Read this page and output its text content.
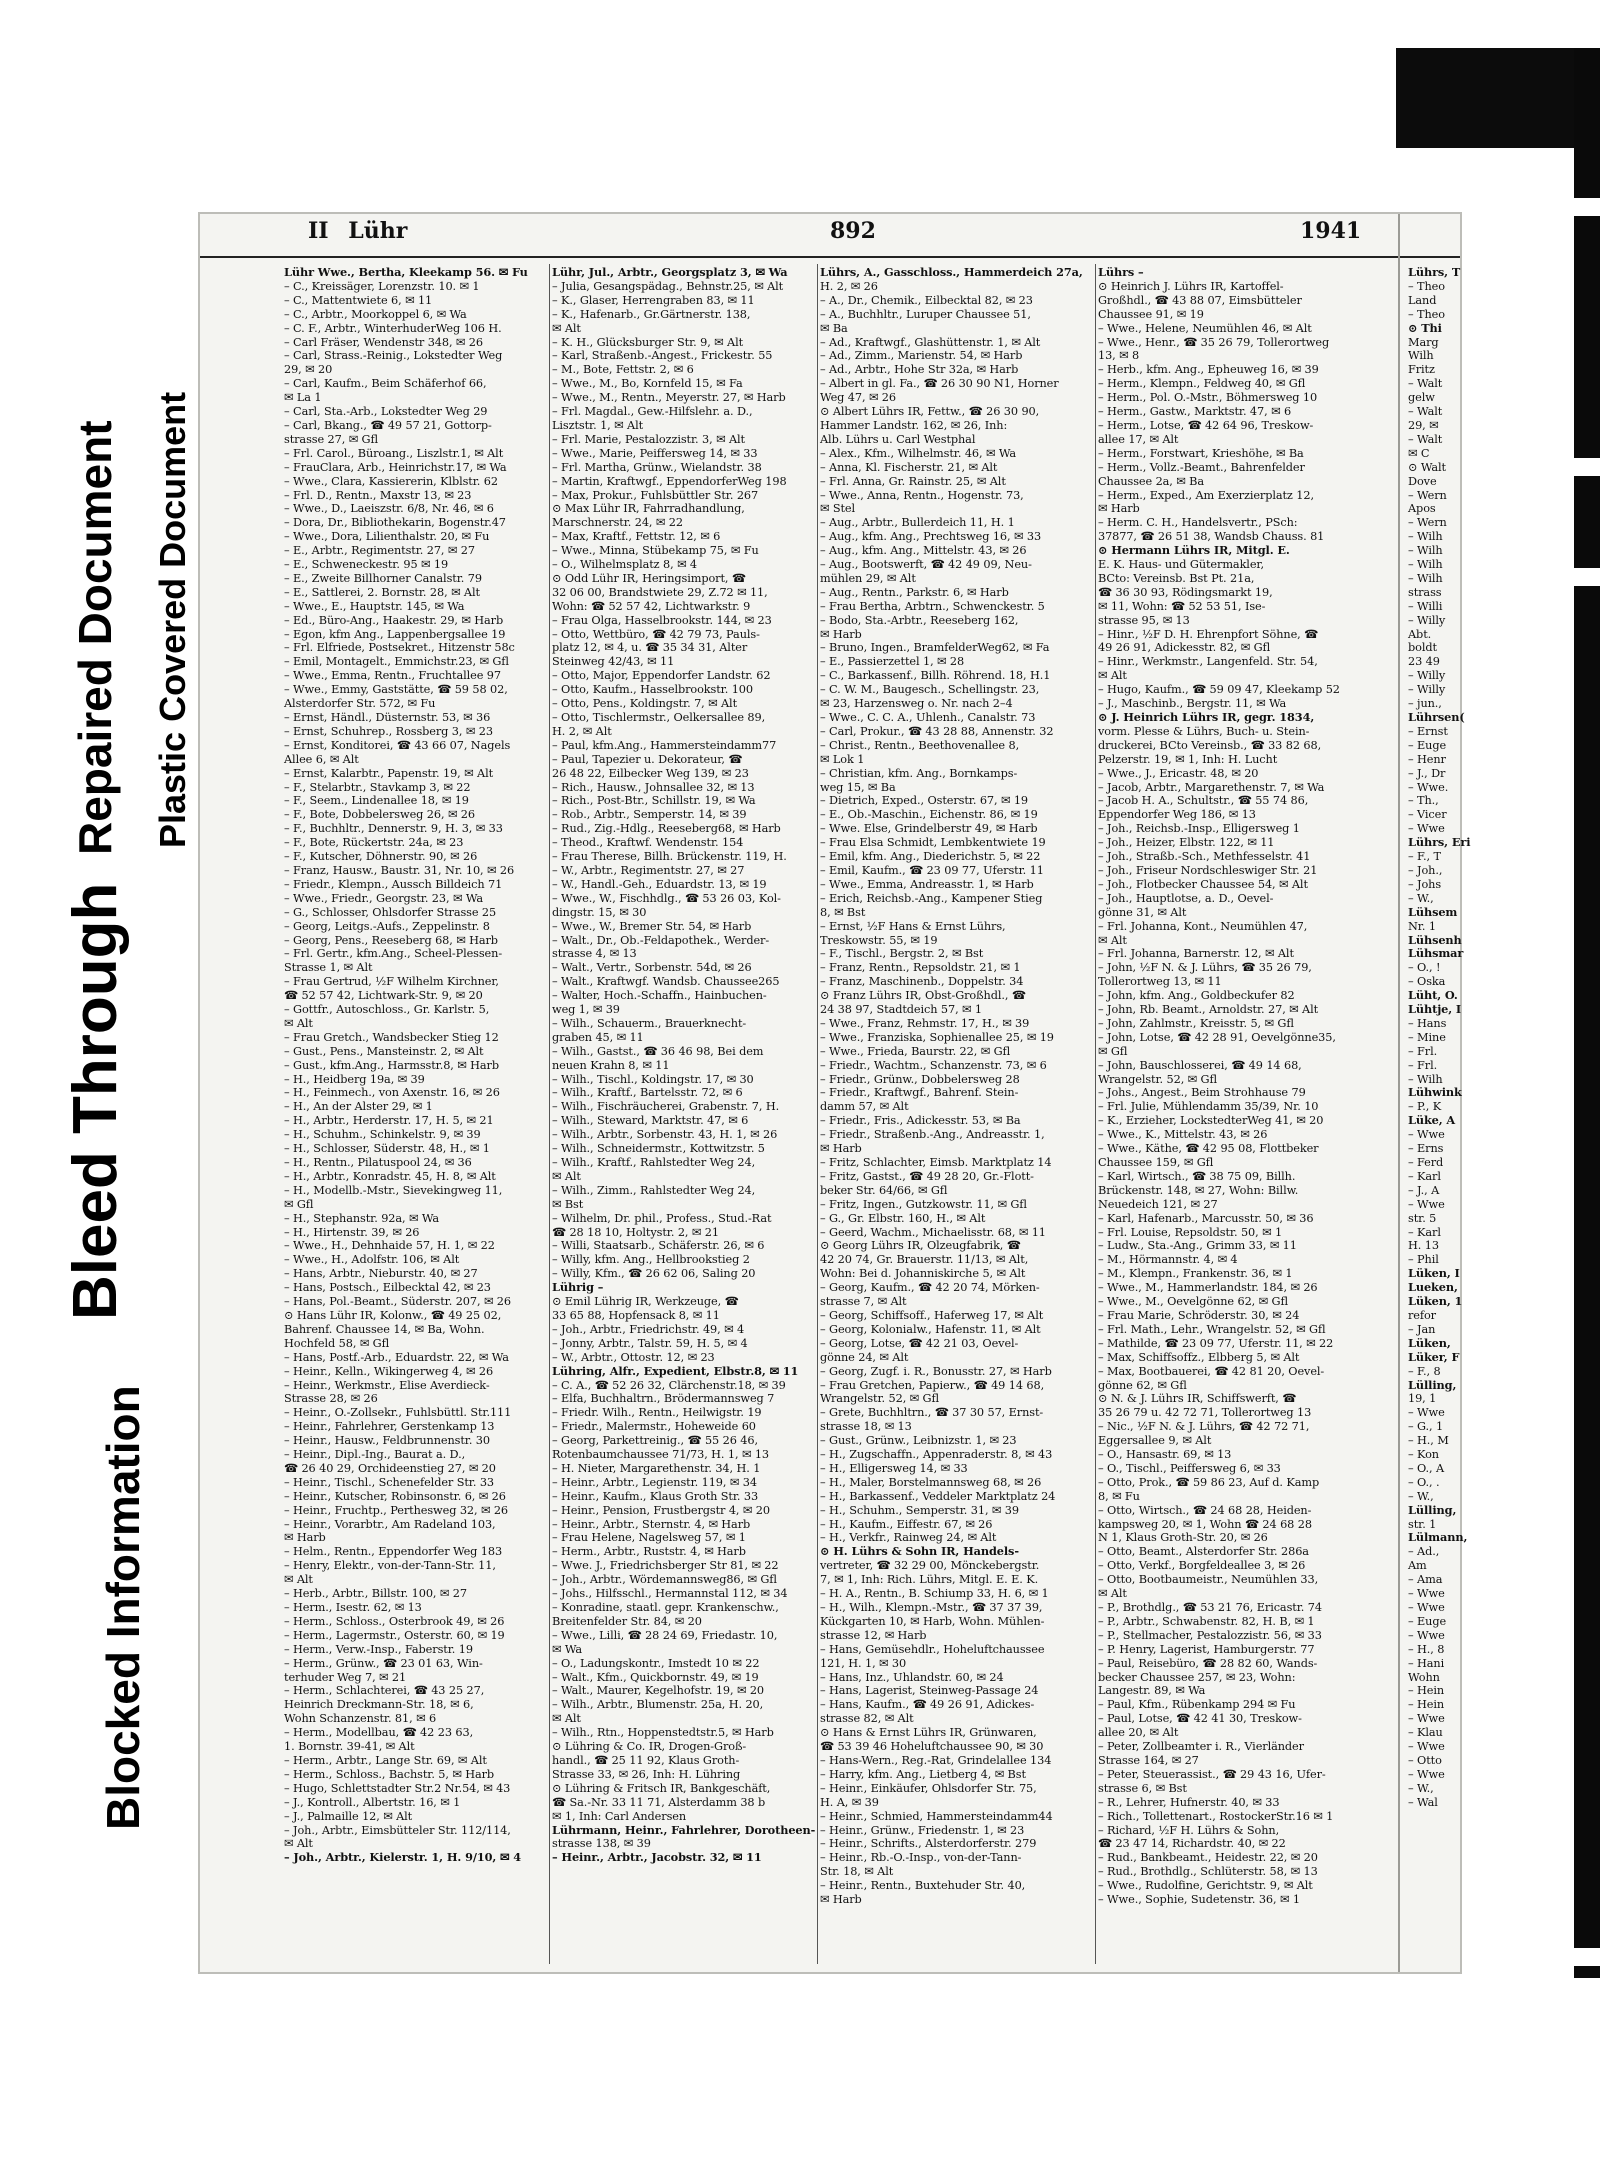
Bleed Through
Repaired Document
Blocked Information
Plastic Covered Document
II Lühr	892	1941
Lühr Wwe., Bertha, Kleekamp 56. ✉ Fu
– C., Kreissäger, Lorenzstr. 10. ✉ 1
– C., Mattentwiete 6, ✉ 11
– C., Arbtr., Moorkoppel 6, ✉ Wa
– C. F., Arbtr., WinterhuderWeg 106 H.
– Carl Fräser, Wendenstr 348, ✉ 26
– Carl, Strass.-Reinig., Lokstedter Weg
29, ✉ 20
– Carl, Kaufm., Beim Schäferhof 66,
✉ La 1
– Carl, Sta.-Arb., Lokstedter Weg 29
– Carl, Bkang., ☎ 49 57 21, Gottorp-
strasse 27, ✉ Gfl
– Frl. Carol., Büroang., Liszlstr.1, ✉ Alt
– FrauClara, Arb., Heinrichstr.17, ✉ Wa
– Wwe., Clara, Kassiererin, Klblstr. 62
– Frl. D., Rentn., Maxstr 13, ✉ 23
– Wwe., D., Laeiszstr. 6/8, Nr. 46, ✉ 6
– Dora, Dr., Bibliothekarin, Bogenstr.47
– Wwe., Dora, Lilienthalstr. 20, ✉ Fu
– E., Arbtr., Regimentstr. 27, ✉ 27
– E., Schweneckestr. 95 ✉ 19
– E., Zweite Billhorner Canalstr. 79
– E., Sattlerei, 2. Bornstr. 28, ✉ Alt
– Wwe., E., Hauptstr. 145, ✉ Wa
– Ed., Büro-Ang., Haakestr. 29, ✉ Harb
– Egon, kfm Ang., Lappenbergsallee 19
– Frl. Elfriede, Postsekret., Hitzenstr 58c
– Emil, Montagelt., Emmichstr.23, ✉ Gfl
– Wwe., Emma, Rentn., Fruchtallee 97
– Wwe., Emmy, Gaststätte, ☎ 59 58 02,
Alsterdorfer Str. 572, ✉ Fu
– Ernst, Händl., Düsternstr. 53, ✉ 36
– Ernst, Schuhrep., Rossberg 3, ✉ 23
– Ernst, Konditorei, ☎ 43 66 07, Nagels
Allee 6, ✉ Alt
– Ernst, Kalarbtr., Papenstr. 19, ✉ Alt
– F., Stelarbtr., Stavkamp 3, ✉ 22
– F., Seem., Lindenallee 18, ✉ 19
– F., Bote, Dobbelersweg 26, ✉ 26
– F., Buchhltr., Dennerstr. 9, H. 3, ✉ 33
– F., Bote, Rückertstr. 24a, ✉ 23
– F., Kutscher, Döhnerstr. 90, ✉ 26
– Franz, Hausw., Baustr. 31, Nr. 10, ✉ 26
– Friedr., Klempn., Aussch Billdeich 71
– Wwe., Friedr., Georgstr. 23, ✉ Wa
– G., Schlosser, Ohlsdorfer Strasse 25
– Georg, Leitgs.-Aufs., Zeppelinstr. 8
– Georg, Pens., Reeseberg 68, ✉ Harb
– Frl. Gertr., kfm.Ang., Scheel-Plessen-
Strasse 1, ✉ Alt
– Frau Gertrud, ½F Wilhelm Kirchner,
☎ 52 57 42, Lichtwark-Str. 9, ✉ 20
– Gottfr., Autoschloss., Gr. Karlstr. 5,
✉ Alt
– Frau Gretch., Wandsbecker Stieg 12
– Gust., Pens., Mansteinstr. 2, ✉ Alt
– Gust., kfm.Ang., Harmsstr.8, ✉ Harb
– H., Heidberg 19a, ✉ 39
– H., Feinmech., von Axenstr. 16, ✉ 26
– H., An der Alster 29, ✉ 1
– H., Arbtr., Herderstr. 17, H. 5, ✉ 21
– H., Schuhm., Schinkelstr. 9, ✉ 39
– H., Schlosser, Süderstr. 48, H., ✉ 1
– H., Rentn., Pilatuspool 24, ✉ 36
– H., Arbtr., Konradstr. 45, H. 8, ✉ Alt
– H., Modellb.-Mstr., Sievekingweg 11,
✉ Gfl
– H., Stephanstr. 92a, ✉ Wa
– H., Hirtenstr. 39, ✉ 26
– Wwe., H., Dehnhaide 57, H. 1, ✉ 22
– Wwe., H., Adolfstr. 106, ✉ Alt
– Hans, Arbtr., Nieburstr. 40, ✉ 27
– Hans, Postsch., Eilbecktal 42, ✉ 23
– Hans, Pol.-Beamt., Süderstr. 207, ✉ 26
⊙ Hans Lühr IR, Kolonw., ☎ 49 25 02,
Bahrenf. Chaussee 14, ✉ Ba, Wohn.
Hochfeld 58, ✉ Gfl
– Hans, Postf.-Arb., Eduardstr. 22, ✉ Wa
– Heinr., Kelln., Wikingerweg 4, ✉ 26
– Heinr., Werkmstr., Elise Averdieck-
Strasse 28, ✉ 26
– Heinr., O.-Zollsekr., Fuhlsbüttl. Str.111
– Heinr., Fahrlehrer, Gerstenkamp 13
– Heinr., Hausw., Feldbrunnenstr. 30
– Heinr., Dipl.-Ing., Baurat a. D.,
☎ 26 40 29, Orchideenstieg 27, ✉ 20
– Heinr., Tischl., Schenefelder Str. 33
– Heinr., Kutscher, Robinsonstr. 6, ✉ 26
– Heinr., Fruchtp., Perthesweg 32, ✉ 26
– Heinr., Vorarbtr., Am Radeland 103,
✉ Harb
– Helm., Rentn., Eppendorfer Weg 183
– Henry, Elektr., von-der-Tann-Str. 11,
✉ Alt
– Herb., Arbtr., Billstr. 100, ✉ 27
– Herm., Isestr. 62, ✉ 13
– Herm., Schloss., Osterbrook 49, ✉ 26
– Herm., Lagermstr., Osterstr. 60, ✉ 19
– Herm., Verw.-Insp., Faberstr. 19
– Herm., Grünw., ☎ 23 01 63, Win-
terhuder Weg 7, ✉ 21
– Herm., Schlachterei, ☎ 43 25 27,
Heinrich Dreckmann-Str. 18, ✉ 6,
Wohn Schanzenstr. 81, ✉ 6
– Herm., Modellbau, ☎ 42 23 63,
1. Bornstr. 39-41, ✉ Alt
– Herm., Arbtr., Lange Str. 69, ✉ Alt
– Herm., Schloss., Bachstr. 5, ✉ Harb
– Hugo, Schlettstadter Str.2 Nr.54, ✉ 43
– J., Kontroll., Albertstr. 16, ✉ 1
– J., Palmaille 12, ✉ Alt
– Joh., Arbtr., Eimsbütteler Str. 112/114,
✉ Alt
– Joh., Arbtr., Kielerstr. 1, H. 9/10, ✉ 4
Lühr, Jul., Arbtr., Georgsplatz 3, ✉ Wa
– Julia, Gesangspädag., Behnstr.25, ✉ Alt
– K., Glaser, Herrengraben 83, ✉ 11
– K., Hafenarb., Gr.Gärtnerstr. 138,
✉ Alt
– K. H., Glücksburger Str. 9, ✉ Alt
– Karl, Straßenb.-Angest., Frickestr. 55
– M., Bote, Fettstr. 2, ✉ 6
– Wwe., M., Bo, Kornfeld 15, ✉ Fa
– Wwe., M., Rentn., Meyerstr. 27, ✉ Harb
– Frl. Magdal., Gew.-Hilfslehr. a. D.,
Lisztstr. 1, ✉ Alt
– Frl. Marie, Pestalozzistr. 3, ✉ Alt
– Wwe., Marie, Peiffersweg 14, ✉ 33
– Frl. Martha, Grünw., Wielandstr. 38
– Martin, Kraftwgf., EppendorferWeg 198
– Max, Prokur., Fuhlsbüttler Str. 267
⊙ Max Lühr IR, Fahrradhandlung,
Marschnerstr. 24, ✉ 22
– Max, Kraftf., Fettstr. 12, ✉ 6
– Wwe., Minna, Stübekamp 75, ✉ Fu
– O., Wilhelmsplatz 8, ✉ 4
⊙ Odd Lühr IR, Heringsimport, ☎
32 06 00, Brandstwiete 29, Z.72 ✉ 11,
Wohn: ☎ 52 57 42, Lichtwarkstr. 9
– Frau Olga, Hasselbrookstr. 144, ✉ 23
– Otto, Wettbüro, ☎ 42 79 73, Pauls-
platz 12, ✉ 4, u. ☎ 35 34 31, Alter
Steinweg 42/43, ✉ 11
– Otto, Major, Eppendorfer Landstr. 62
– Otto, Kaufm., Hasselbrookstr. 100
– Otto, Pens., Koldingstr. 7, ✉ Alt
– Otto, Tischlermstr., Oelkersallee 89,
H. 2, ✉ Alt
– Paul, kfm.Ang., Hammersteindamm77
– Paul, Tapezier u. Dekorateur, ☎
26 48 22, Eilbecker Weg 139, ✉ 23
– Rich., Hausw., Johnsallee 32, ✉ 13
– Rich., Post-Btr., Schillstr. 19, ✉ Wa
– Rob., Arbtr., Semperstr. 14, ✉ 39
– Rud., Zig.-Hdlg., Reeseberg68, ✉ Harb
– Theod., Kraftwf. Wendenstr. 154
– Frau Therese, Billh. Brückenstr. 119, H.
– W., Arbtr., Regimentstr. 27, ✉ 27
– W., Handl.-Geh., Eduardstr. 13, ✉ 19
– Wwe., W., Fischhdlg., ☎ 53 26 03, Kol-
dingstr. 15, ✉ 30
– Wwe., W., Bremer Str. 54, ✉ Harb
– Walt., Dr., Ob.-Feldapothek., Werder-
strasse 4, ✉ 13
– Walt., Vertr., Sorbenstr. 54d, ✉ 26
– Walt., Kraftwgf. Wandsb. Chaussee265
– Walter, Hoch.-Schaffn., Hainbuchen-
weg 1, ✉ 39
– Wilh., Schauerm., Brauerknecht-
graben 45, ✉ 11
– Wilh., Gastst., ☎ 36 46 98, Bei dem
neuen Krahn 8, ✉ 11
– Wilh., Tischl., Koldingstr. 17, ✉ 30
– Wilh., Kraftf., Bartelsstr. 72, ✉ 6
– Wilh., Fischräucherei, Grabenstr. 7, H.
– Wilh., Steward, Marktstr. 47, ✉ 6
– Wilh., Arbtr., Sorbenstr. 43, H. 1, ✉ 26
– Wilh., Schneidermstr., Kottwitzstr. 5
– Wilh., Kraftf., Rahlstedter Weg 24,
✉ Alt
– Wilh., Zimm., Rahlstedter Weg 24,
✉ Bst
– Wilhelm, Dr. phil., Profess., Stud.-Rat
☎ 28 18 10, Holtystr. 2, ✉ 21
– Willi, Staatsarb., Schäferstr. 26, ✉ 6
– Willy, kfm. Ang., Hellbrookstieg 2
– Willy, Kfm., ☎ 26 62 06, Saling 20
Lührig –
⊙ Emil Lührig IR, Werkzeuge, ☎
33 65 88, Hopfensack 8, ✉ 11
– Joh., Arbtr., Friedrichstr. 49, ✉ 4
– Jonny, Arbtr., Talstr. 59, H. 5, ✉ 4
– W., Arbtr., Ottostr. 12, ✉ 23
Lühring, Alfr., Expedient, Elbstr.8, ✉ 11
– C. A., ☎ 52 26 32, Clärchenstr.18, ✉ 39
– Elfa, Buchhaltrn., Brödermannsweg 7
– Friedr. Wilh., Rentn., Heilwigstr. 19
– Friedr., Malermstr., Hoheweide 60
– Georg, Parkettreinig., ☎ 55 26 46,
Rotenbaumchaussee 71/73, H. 1, ✉ 13
– H. Nieter, Margarethenstr. 34, H. 1
– Heinr., Arbtr., Legienstr. 119, ✉ 34
– Heinr., Kaufm., Klaus Groth Str. 33
– Heinr., Pension, Frustbergstr 4, ✉ 20
– Heinr., Arbtr., Sternstr. 4, ✉ Harb
– Frau Helene, Nagelsweg 57, ✉ 1
– Herm., Arbtr., Ruststr. 4, ✉ Harb
– Wwe. J., Friedrichsberger Str 81, ✉ 22
– Joh., Arbtr., Wördemannsweg86, ✉ Gfl
– Johs., Hilfsschl., Hermannstal 112, ✉ 34
– Konradine, staatl. gepr. Krankenschw.,
Breitenfelder Str. 84, ✉ 20
– Wwe., Lilli, ☎ 28 24 69, Friedastr. 10,
✉ Wa
– O., Ladungskontr., Imstedt 10 ✉ 22
– Walt., Kfm., Quickbornstr. 49, ✉ 19
– Walt., Maurer, Kegelhofstr. 19, ✉ 20
– Wilh., Arbtr., Blumenstr. 25a, H. 20,
✉ Alt
– Wilh., Rtn., Hoppenstedtstr.5, ✉ Harb
⊙ Lühring & Co. IR, Drogen-Groß-
handl., ☎ 25 11 92, Klaus Groth-
Strasse 33, ✉ 26, Inh: H. Lühring
⊙ Lühring & Fritsch IR, Bankgeschäft,
☎ Sa.-Nr. 33 11 71, Alsterdamm 38 b
✉ 1, Inh: Carl Andersen
Lührmann, Heinr., Fahrlehrer, Dorotheen-
strasse 138, ✉ 39
– Heinr., Arbtr., Jacobstr. 32, ✉ 11
Lührs, A., Gasschloss., Hammerdeich 27a,
H. 2, ✉ 26
– A., Dr., Chemik., Eilbecktal 82, ✉ 23
– A., Buchhltr., Luruper Chaussee 51,
✉ Ba
– Ad., Kraftwgf., Glashüttenstr. 1, ✉ Alt
– Ad., Zimm., Marienstr. 54, ✉ Harb
– Ad., Arbtr., Hohe Str 32a, ✉ Harb
– Albert in gl. Fa., ☎ 26 30 90 N1, Horner
Weg 47, ✉ 26
⊙ Albert Lührs IR, Fettw., ☎ 26 30 90,
Hammer Landstr. 162, ✉ 26, Inh:
Alb. Lührs u. Carl Westphal
– Alex., Kfm., Wilhelmstr. 46, ✉ Wa
– Anna, Kl. Fischerstr. 21, ✉ Alt
– Frl. Anna, Gr. Rainstr. 25, ✉ Alt
– Wwe., Anna, Rentn., Hogenstr. 73,
✉ Stel
– Aug., Arbtr., Bullerdeich 11, H. 1
– Aug., kfm. Ang., Prechtsweg 16, ✉ 33
– Aug., kfm. Ang., Mittelstr. 43, ✉ 26
– Aug., Bootswerft, ☎ 42 49 09, Neu-
mühlen 29, ✉ Alt
– Aug., Rentn., Parkstr. 6, ✉ Harb
– Frau Bertha, Arbtrn., Schwenckestr. 5
– Bodo, Sta.-Arbtr., Reeseberg 162,
✉ Harb
– Bruno, Ingen., BramfelderWeg62, ✉ Fa
– E., Passierzettel 1, ✉ 28
– C., Barkassenf., Billh. Röhrend. 18, H.1
– C. W. M., Baugesch., Schellingstr. 23,
✉ 23, Harzensweg o. Nr. nach 2–4
– Wwe., C. C. A., Uhlenh., Canalstr. 73
– Carl, Prokur., ☎ 43 28 88, Annenstr. 32
– Christ., Rentn., Beethovenallee 8,
✉ Lok 1
– Christian, kfm. Ang., Bornkamps-
weg 15, ✉ Ba
– Dietrich, Exped., Osterstr. 67, ✉ 19
– E., Ob.-Maschin., Eichenstr. 86, ✉ 19
– Wwe. Else, Grindelberstr 49, ✉ Harb
– Frau Elsa Schmidt, Lembkentwiete 19
– Emil, kfm. Ang., Diederichstr. 5, ✉ 22
– Emil, Kaufm., ☎ 23 09 77, Uferstr. 11
– Wwe., Emma, Andreasstr. 1, ✉ Harb
– Erich, Reichsb.-Ang., Kampener Stieg
8, ✉ Bst
– Ernst, ½F Hans & Ernst Lührs,
Treskowstr. 55, ✉ 19
– F., Tischl., Bergstr. 2, ✉ Bst
– Franz, Rentn., Repsoldstr. 21, ✉ 1
– Franz, Maschinenb., Doppelstr. 34
⊙ Franz Lührs IR, Obst-Großhdl., ☎
24 38 97, Stadtdeich 57, ✉ 1
– Wwe., Franz, Rehmstr. 17, H., ✉ 39
– Wwe., Franziska, Sophienallee 25, ✉ 19
– Wwe., Frieda, Baurstr. 22, ✉ Gfl
– Friedr., Wachtm., Schanzenstr. 73, ✉ 6
– Friedr., Grünw., Dobbelersweg 28
– Friedr., Kraftwgf., Bahrenf. Stein-
damm 57, ✉ Alt
– Friedr., Fris., Adickesstr. 53, ✉ Ba
– Friedr., Straßenb.-Ang., Andreasstr. 1,
✉ Harb
– Fritz, Schlachter, Eimsb. Marktplatz 14
– Fritz, Gastst., ☎ 49 28 20, Gr.-Flott-
beker Str. 64/66, ✉ Gfl
– Fritz, Ingen., Gutzkowstr. 11, ✉ Gfl
– G., Gr. Elbstr. 160, H., ✉ Alt
– Geerd, Wachm., Michaelisstr. 68, ✉ 11
⊙ Georg Lührs IR, Olzeugfabrik, ☎
42 20 74, Gr. Brauerstr. 11/13, ✉ Alt,
Wohn: Bei d. Johanniskirche 5, ✉ Alt
– Georg, Kaufm., ☎ 42 20 74, Mörken-
strasse 7, ✉ Alt
– Georg, Schiffsoff., Haferweg 17, ✉ Alt
– Georg, Kolonialw., Hafenstr. 11, ✉ Alt
– Georg, Lotse, ☎ 42 21 03, Oevel-
gönne 24, ✉ Alt
– Georg, Zugf. i. R., Bonusstr. 27, ✉ Harb
– Frau Gretchen, Papierw., ☎ 49 14 68,
Wrangelstr. 52, ✉ Gfl
– Grete, Buchhltrn., ☎ 37 30 57, Ernst-
strasse 18, ✉ 13
– Gust., Grünw., Leibnizstr. 1, ✉ 23
– H., Zugschaffn., Appenraderstr. 8, ✉ 43
– H., Elligersweg 14, ✉ 33
– H., Maler, Borstelmannsweg 68, ✉ 26
– H., Barkassenf., Veddeler Marktplatz 24
– H., Schuhm., Semperstr. 31, ✉ 39
– H., Kaufm., Eiffestr. 67, ✉ 26
– H., Verkfr., Rainweg 24, ✉ Alt
⊙ H. Lührs & Sohn IR, Handels-
vertreter, ☎ 32 29 00, Mönckebergstr.
7, ✉ 1, Inh: Rich. Lührs, Mitgl. E. E. K.
– H. A., Rentn., B. Schiump 33, H. 6, ✉ 1
– H., Wilh., Klempn.-Mstr., ☎ 37 37 39,
Kückgarten 10, ✉ Harb, Wohn. Mühlen-
strasse 12, ✉ Harb
– Hans, Gemüsehdlr., Hoheluftchaussee
121, H. 1, ✉ 30
– Hans, Inz., Uhlandstr. 60, ✉ 24
– Hans, Lagerist, Steinweg-Passage 24
– Hans, Kaufm., ☎ 49 26 91, Adickes-
strasse 82, ✉ Alt
⊙ Hans & Ernst Lührs IR, Grünwaren,
☎ 53 39 46 Hoheluftchaussee 90, ✉ 30
– Hans-Wern., Reg.-Rat, Grindelallee 134
– Harry, kfm. Ang., Lietberg 4, ✉ Bst
– Heinr., Einkäufer, Ohlsdorfer Str. 75,
H. A, ✉ 39
– Heinr., Schmied, Hammersteindamm44
– Heinr., Grünw., Friedenstr. 1, ✉ 23
– Heinr., Schrifts., Alsterdorferstr. 279
– Heinr., Rb.-O.-Insp., von-der-Tann-
Str. 18, ✉ Alt
– Heinr., Rentn., Buxtehuder Str. 40,
✉ Harb
Lührs –
⊙ Heinrich J. Lührs IR, Kartoffel-
Großhdl., ☎ 43 88 07, Eimsbütteler
Chaussee 91, ✉ 19
– Wwe., Helene, Neumühlen 46, ✉ Alt
– Wwe., Henr., ☎ 35 26 79, Tollerortweg
13, ✉ 8
– Herb., kfm. Ang., Epheuweg 16, ✉ 39
– Herm., Klempn., Feldweg 40, ✉ Gfl
– Herm., Pol. O.-Mstr., Böhmersweg 10
– Herm., Gastw., Marktstr. 47, ✉ 6
– Herm., Lotse, ☎ 42 64 96, Treskow-
allee 17, ✉ Alt
– Herm., Forstwart, Krieshöhe, ✉ Ba
– Herm., Vollz.-Beamt., Bahrenfelder
Chaussee 2a, ✉ Ba
– Herm., Exped., Am Exerzierplatz 12,
✉ Harb
– Herm. C. H., Handelsvertr., PSch:
37877, ☎ 26 51 38, Wandsb Chauss. 81
⊙ Hermann Lührs IR, Mitgl. E.
E. K. Haus- und Gütermakler,
BCto: Vereinsb. Bst Pt. 21a,
☎ 36 30 93, Rödingsmarkt 19,
✉ 11, Wohn: ☎ 52 53 51, Ise-
strasse 95, ✉ 13
– Hinr., ½F D. H. Ehrenpfort Söhne, ☎
49 26 91, Adickesstr. 82, ✉ Gfl
– Hinr., Werkmstr., Langenfeld. Str. 54,
✉ Alt
– Hugo, Kaufm., ☎ 59 09 47, Kleekamp 52
– J., Maschinb., Bergstr. 11, ✉ Wa
⊙ J. Heinrich Lührs IR, gegr. 1834,
vorm. Plesse & Lührs, Buch- u. Stein-
druckerei, BCto Vereinsb., ☎ 33 82 68,
Pelzerstr. 19, ✉ 1, Inh: H. Lucht
– Wwe., J., Ericastr. 48, ✉ 20
– Jacob, Arbtr., Margarethenstr. 7, ✉ Wa
– Jacob H. A., Schultstr., ☎ 55 74 86,
Eppendorfer Weg 186, ✉ 13
– Joh., Reichsb.-Insp., Elligersweg 1
– Joh., Heizer, Elbstr. 122, ✉ 11
– Joh., Straßb.-Sch., Methfesselstr. 41
– Joh., Friseur Nordschleswiger Str. 21
– Joh., Flotbecker Chaussee 54, ✉ Alt
– Joh., Hauptlotse, a. D., Oevel-
gönne 31, ✉ Alt
– Frl. Johanna, Kont., Neumühlen 47,
✉ Alt
– Frl. Johanna, Barnerstr. 12, ✉ Alt
– John, ½F N. & J. Lührs, ☎ 35 26 79,
Tollerortweg 13, ✉ 11
– John, kfm. Ang., Goldbeckufer 82
– John, Rb. Beamt., Arnoldstr. 27, ✉ Alt
– John, Zahlmstr., Kreisstr. 5, ✉ Gfl
– John, Lotse, ☎ 42 28 91, Oevelgönne35,
✉ Gfl
– John, Bauschlosserei, ☎ 49 14 68,
Wrangelstr. 52, ✉ Gfl
– Johs., Angest., Beim Strohhause 79
– Frl. Julie, Mühlendamm 35/39, Nr. 10
– K., Erzieher, LockstedterWeg 41, ✉ 20
– Wwe., K., Mittelstr. 43, ✉ 26
– Wwe., Käthe, ☎ 42 95 08, Flottbeker
Chaussee 159, ✉ Gfl
– Karl, Wirtsch., ☎ 38 75 09, Billh.
Brückenstr. 148, ✉ 27, Wohn: Billw.
Neuedeich 121, ✉ 27
– Karl, Hafenarb., Marcusstr. 50, ✉ 36
– Frl. Louise, Repsoldstr. 50, ✉ 1
– Ludw., Sta.-Ang., Grimm 33, ✉ 11
– M., Hörmannstr. 4, ✉ 4
– M., Klempn., Frankenstr. 36, ✉ 1
– Wwe., M., Hammerlandstr. 184, ✉ 26
– Wwe., M., Oevelgönne 62, ✉ Gfl
– Frau Marie, Schröderstr. 30, ✉ 24
– Frl. Math., Lehr., Wrangelstr. 52, ✉ Gfl
– Mathilde, ☎ 23 09 77, Uferstr. 11, ✉ 22
– Max, Schiffsoffz., Elbberg 5, ✉ Alt
– Max, Bootbauerei, ☎ 42 81 20, Oevel-
gönne 62, ✉ Gfl
⊙ N. & J. Lührs IR, Schiffswerft, ☎
35 26 79 u. 42 72 71, Tollerortweg 13
– Nic., ½F N. & J. Lührs, ☎ 42 72 71,
Eggersallee 9, ✉ Alt
– O., Hansastr. 69, ✉ 13
– O., Tischl., Peiffersweg 6, ✉ 33
– Otto, Prok., ☎ 59 86 23, Auf d. Kamp
8, ✉ Fu
– Otto, Wirtsch., ☎ 24 68 28, Heiden-
kampsweg 20, ✉ 1, Wohn ☎ 24 68 28
N 1, Klaus Groth-Str. 20, ✉ 26
– Otto, Beamt., Alsterdorfer Str. 286a
– Otto, Verkf., Borgfeldeallee 3, ✉ 26
– Otto, Bootbaumeistr., Neumühlen 33,
✉ Alt
– P., Brothdlg., ☎ 53 21 76, Ericastr. 74
– P., Arbtr., Schwabenstr. 82, H. B, ✉ 1
– P., Stellmacher, Pestalozzistr. 56, ✉ 33
– P. Henry, Lagerist, Hamburgerstr. 77
– Paul, Reisebüro, ☎ 28 82 60, Wands-
becker Chaussee 257, ✉ 23, Wohn:
Langestr. 89, ✉ Wa
– Paul, Kfm., Rübenkamp 294 ✉ Fu
– Paul, Lotse, ☎ 42 41 30, Treskow-
allee 20, ✉ Alt
– Peter, Zollbeamter i. R., Vierländer
Strasse 164, ✉ 27
– Peter, Steuerassist., ☎ 29 43 16, Ufer-
strasse 6, ✉ Bst
– R., Lehrer, Hufnerstr. 40, ✉ 33
– Rich., Tollettenart., RostockerStr.16 ✉ 1
– Richard, ½F H. Lührs & Sohn,
☎ 23 47 14, Richardstr. 40, ✉ 22
– Rud., Bankbeamt., Heidestr. 22, ✉ 20
– Rud., Brothdlg., Schlüterstr. 58, ✉ 13
– Wwe., Rudolfine, Gerichtstr. 9, ✉ Alt
– Wwe., Sophie, Sudetenstr. 36, ✉ 1
Lührs, T
– Theo
Land
– Theo
⊙ Thi
Marg
Wilh
Fritz
– Walt
gelw
– Walt
29, ✉
– Walt
✉ C
⊙ Walt
Dove
– Wern
Apos
– Wern
– Wilh
– Wilh
– Wilh
– Wilh
strass
– Willi
– Willy
Abt.
boldt
23 49
– Willy
– Willy
– jun.,
Lührsen(
– Ernst
– Euge
– Henr
– J., Dr
– Wwe.
– Th.,
– Vicer
– Wwe
Lührs, Eri
– F., T
– Joh.,
– Johs
– W.,
Lühsem
Nr. 1
Lühsenh
Lühsmar
– O., !
– Oska
Lüht, O.
Lühtje, I
– Hans
– Mine
– Frl.
– Frl.
– Wilh
Lühwink
– P., K
Lüke, A
– Wwe
– Erns
– Ferd
– Karl
– J., A
– Wwe
str. 5
– Karl
H. 13
– Phil
Lüken, I
Lueken,
Lüken, 1
refor
– Jan
Lüken,
Lüker, F
– F., 8
Lülling,
19, 1
– Wwe
– G., 1
– H., M
– Kon
– O., A
– O., .
– W.,
Lülling,
str. 1
Lülmann,
– Ad.,
Am
– Ama
– Wwe
– Wwe
– Euge
– Wwe
– H., 8
– Hani
Wohn
– Hein
– Hein
– Wwe
– Klau
– Wwe
– Otto
– Wwe
– W.,
– Wal
